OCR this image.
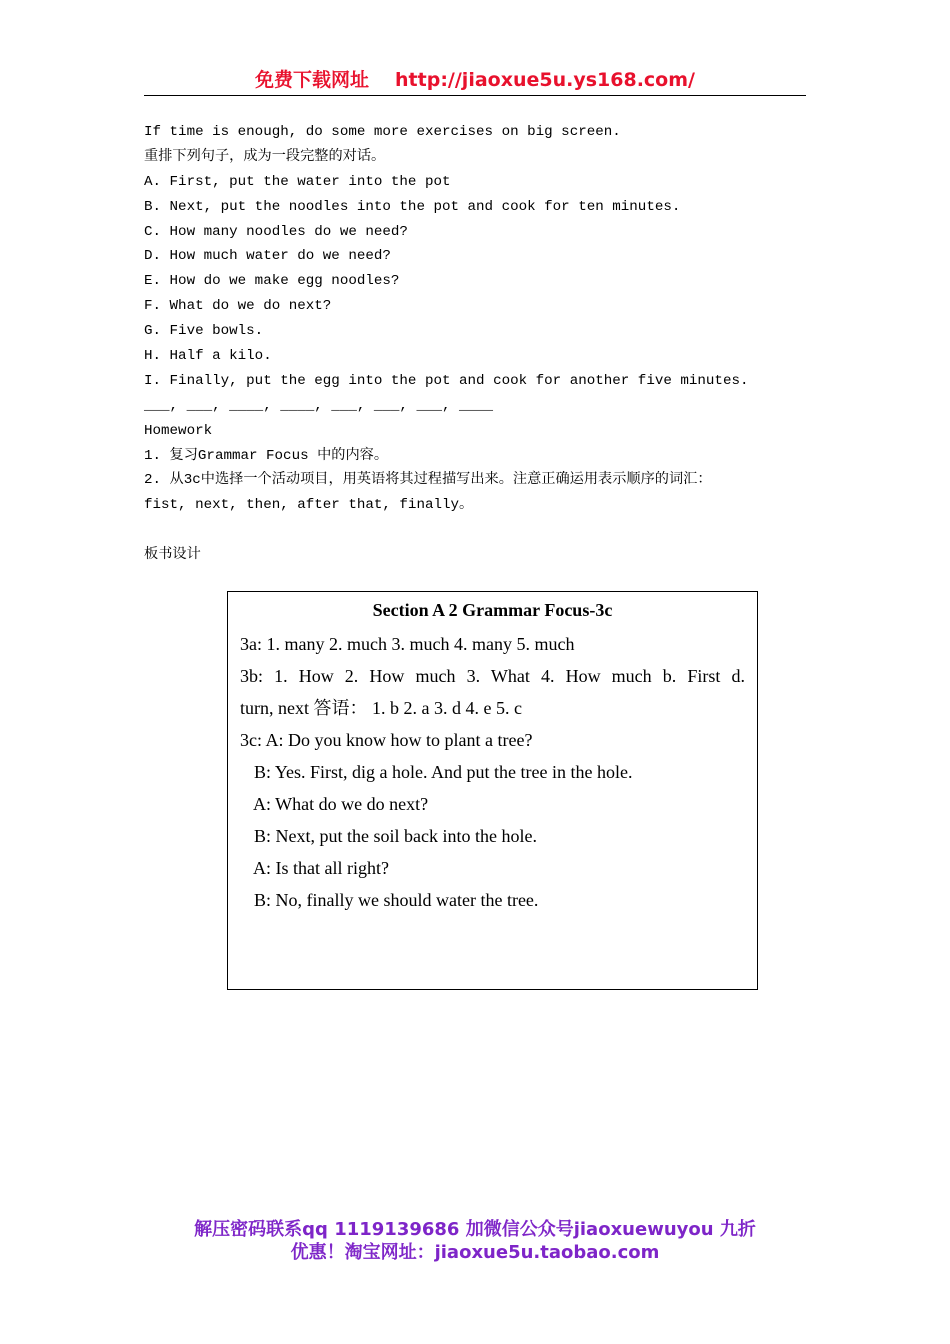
免费下载网址 http://jiaoxue5u.ys168.com/
If time is enough, do some more exercises on big screen.
重排下列句子，成为一段完整的对话。
A. First, put the water into the pot
B. Next, put the noodles into the pot and cook for ten minutes.
C. How many noodles do we need?
D. How much water do we need?
E. How do we make egg noodles?
F. What do we do next?
G. Five bowls.
H. Half a kilo.
I. Finally, put the egg into the pot and cook for another five minutes.
___, ___, ____, ____, ___, ___, ___, ____
Homework
1. 复习Grammar Focus 中的内容。
2. 从3c中选择一个活动项目，用英语将其过程描写出来。注意正确运用表示顺序的词汇：
fist, next, then, after that, finally。
板书设计
Section A 2 Grammar Focus-3c
3a: 1. many 2. much 3. much 4. many 5. much
3b: 1. How 2. How much 3. What 4. How much b. First d.
turn, next 答语： 1. b 2. a 3. d 4. e 5. c
3c: A: Do you know how to plant a tree?
B: Yes. First, dig a hole. And put the tree in the hole.
A: What do we do next?
B: Next, put the soil back into the hole.
A: Is that all right?
B: No, finally we should water the tree.
解压密码联系qq 1119139686 加微信公众号jiaoxuewuyou 九折
优惠！淘宝网址：jiaoxue5u.taobao.com
